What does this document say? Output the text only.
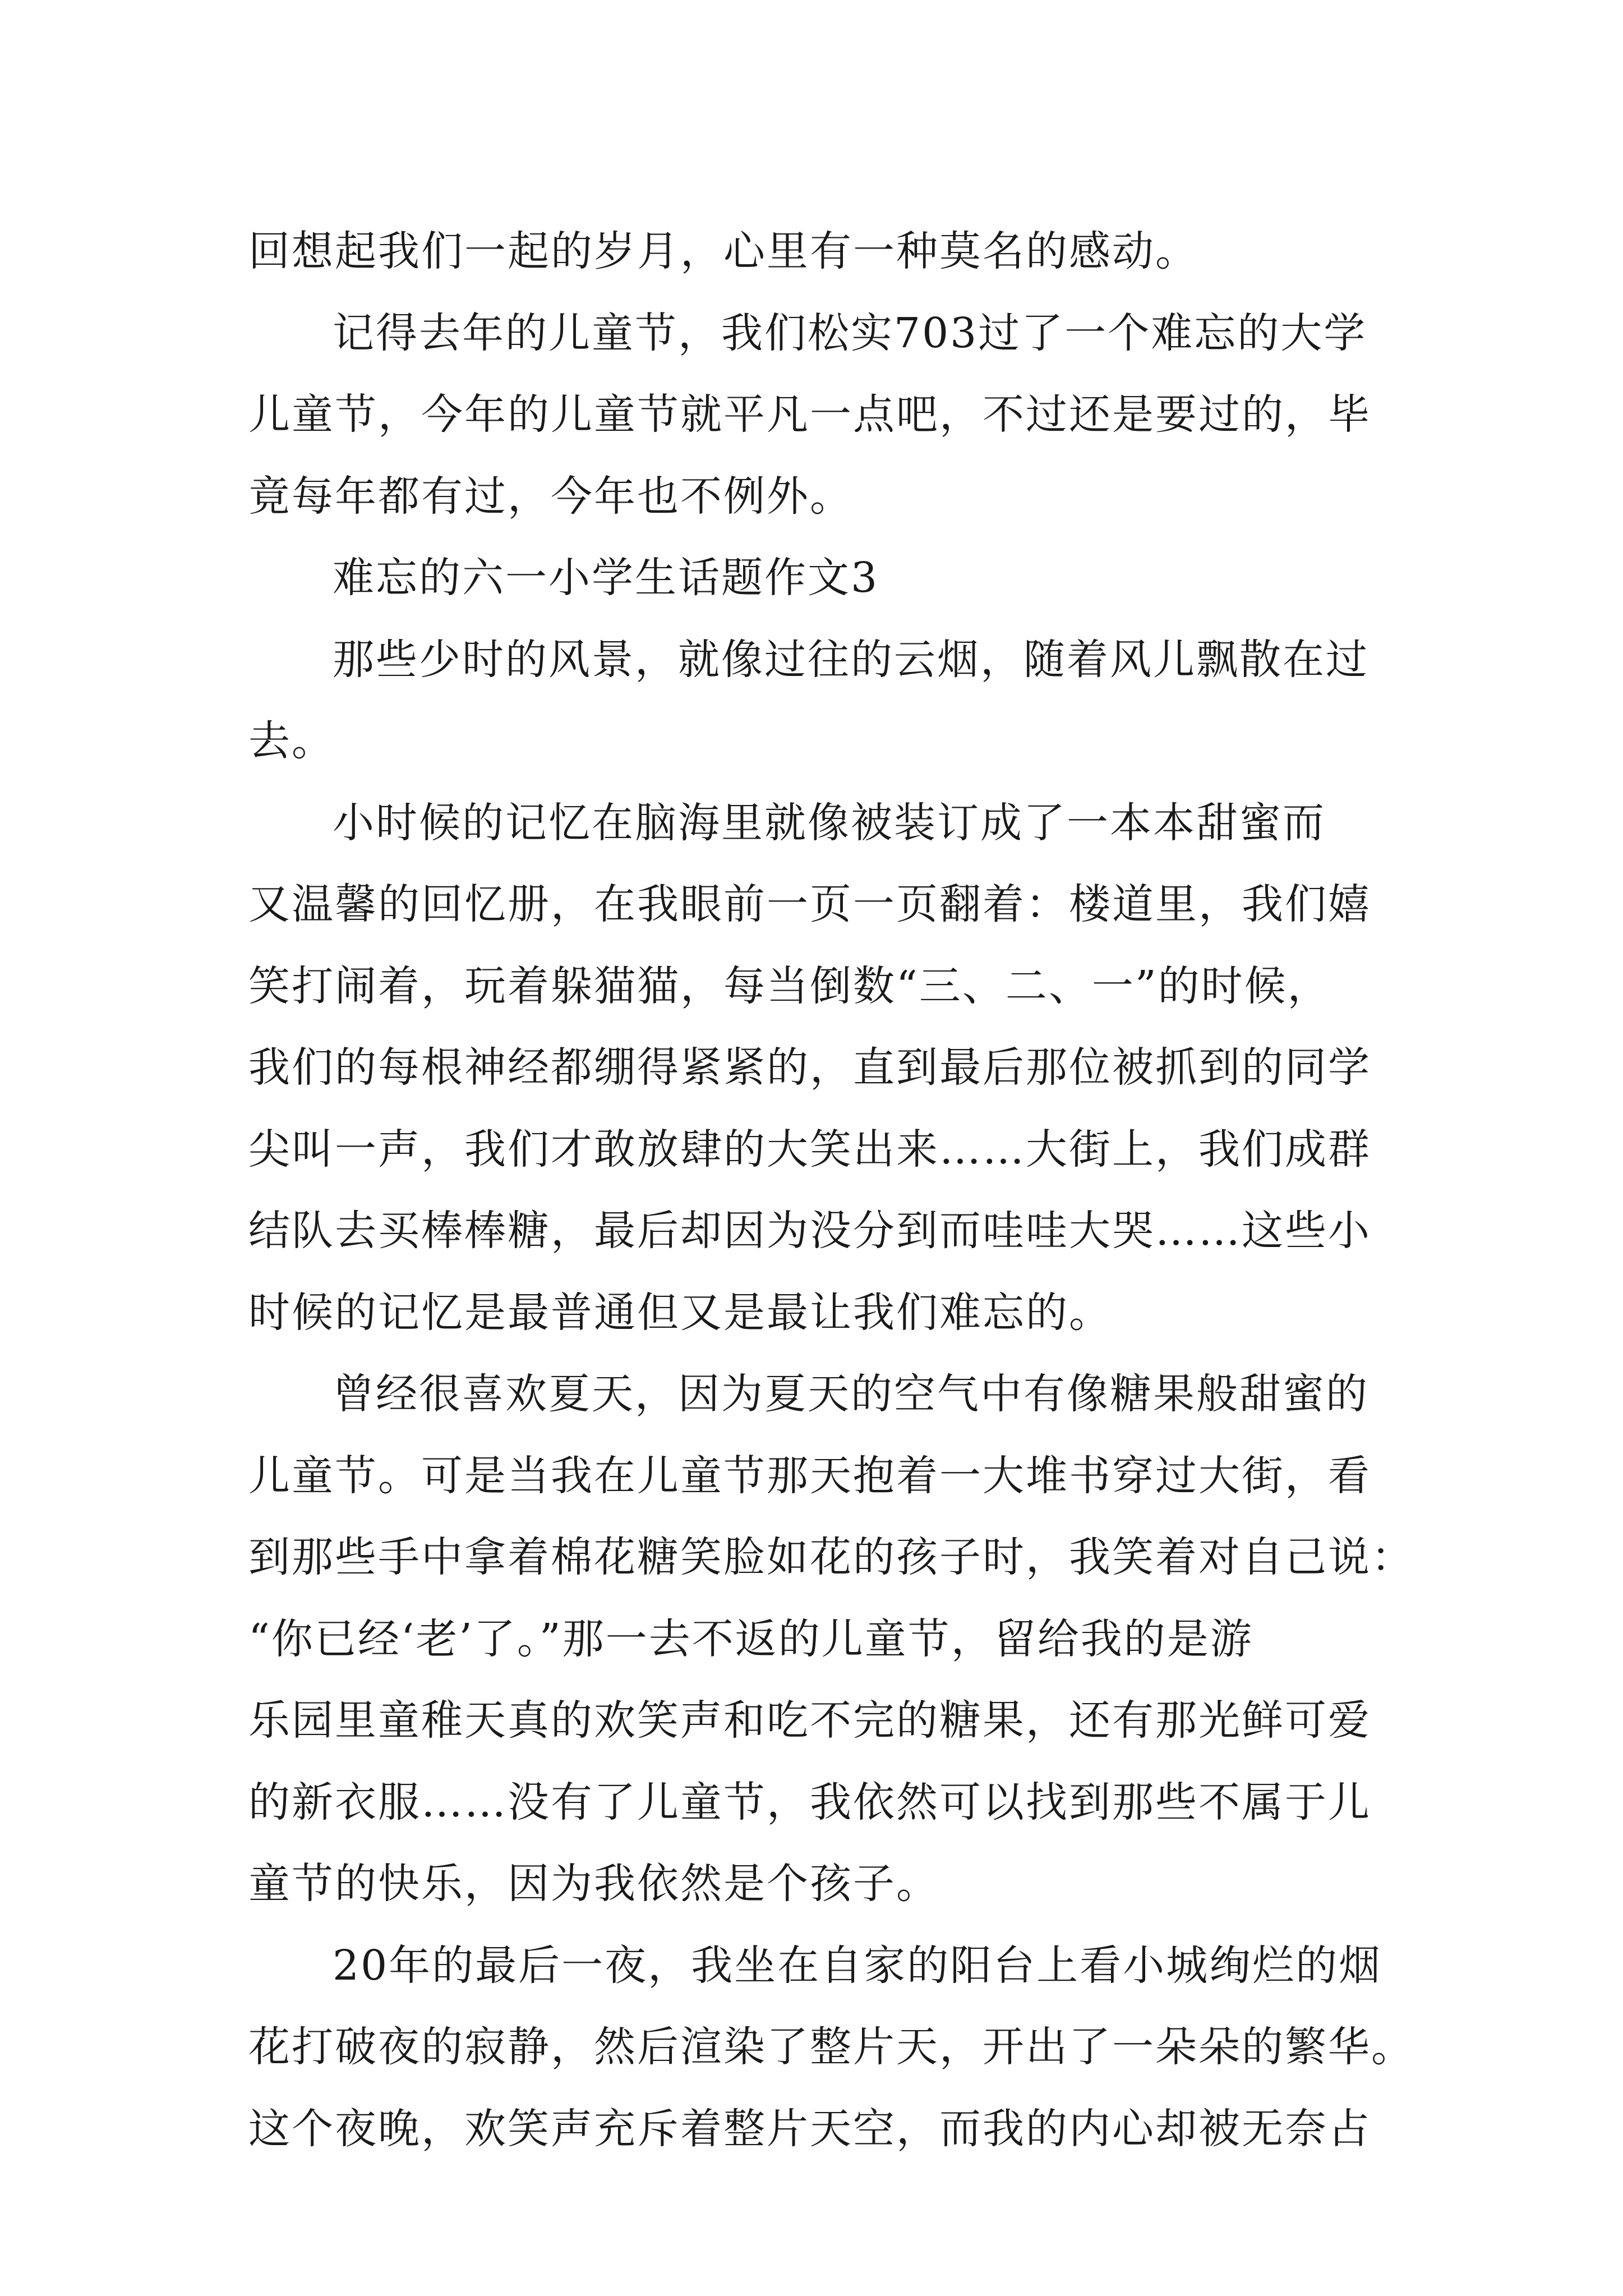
回想起我们一起的岁月，心里有一种莫名的感动。
记得去年的儿童节，我们松实703过了一个难忘的大学
儿童节，今年的儿童节就平凡一点吧，不过还是要过的，毕
竟每年都有过，今年也不例外。
难忘的六一小学生话题作文3
那些少时的风景，就像过往的云烟，随着风儿飘散在过
去。
小时候的记忆在脑海里就像被装订成了一本本甜蜜而
又温馨的回忆册，在我眼前一页一页翻着：楼道里，我们嬉
笑打闹着，玩着躲猫猫，每当倒数“三、二、一”的时候，
我们的每根神经都绷得紧紧的，直到最后那位被抓到的同学
尖叫一声，我们才敢放肆的大笑出来……大街上，我们成群
结队去买棒棒糖，最后却因为没分到而哇哇大哭……这些小
时候的记忆是最普通但又是最让我们难忘的。
曾经很喜欢夏天，因为夏天的空气中有像糖果般甜蜜的
儿童节。可是当我在儿童节那天抱着一大堆书穿过大街，看
到那些手中拿着棉花糖笑脸如花的孩子时，我笑着对自己说：
“你已经‘老’了。”那一去不返的儿童节，留给我的是游
乐园里童稚天真的欢笑声和吃不完的糖果，还有那光鲜可爱
的新衣服……没有了儿童节，我依然可以找到那些不属于儿
童节的快乐，因为我依然是个孩子。
20年的最后一夜，我坐在自家的阳台上看小城绚烂的烟
花打破夜的寂静，然后渲染了整片天，开出了一朵朵的繁华。
这个夜晚，欢笑声充斥着整片天空，而我的内心却被无奈占
